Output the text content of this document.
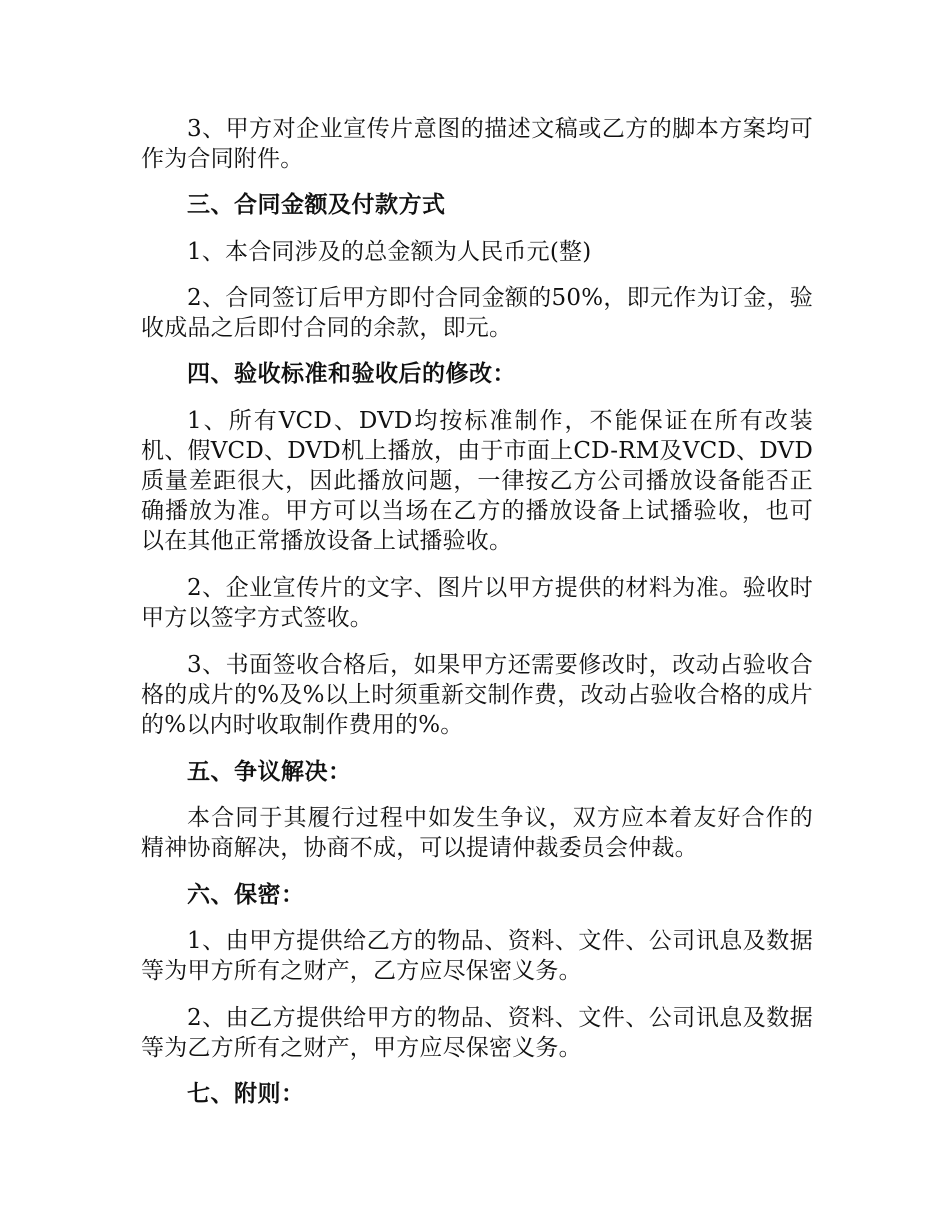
3、甲方对企业宣传片意图的描述文稿或乙方的脚本方案均可作为合同附件。

三、合同金额及付款方式

1、本合同涉及的总金额为人民币元(整)

2、合同签订后甲方即付合同金额的50%，即元作为订金，验收成品之后即付合同的余款，即元。

四、验收标准和验收后的修改：

1、所有VCD、DVD均按标准制作，不能保证在所有改装机、假VCD、DVD机上播放，由于市面上CD-RM及VCD、DVD质量差距很大，因此播放问题，一律按乙方公司播放设备能否正确播放为准。甲方可以当场在乙方的播放设备上试播验收，也可以在其他正常播放设备上试播验收。

2、企业宣传片的文字、图片以甲方提供的材料为准。验收时甲方以签字方式签收。

3、书面签收合格后，如果甲方还需要修改时，改动占验收合格的成片的%及%以上时须重新交制作费，改动占验收合格的成片的%以内时收取制作费用的%。

五、争议解决：

本合同于其履行过程中如发生争议，双方应本着友好合作的精神协商解决，协商不成，可以提请仲裁委员会仲裁。

六、保密：

1、由甲方提供给乙方的物品、资料、文件、公司讯息及数据等为甲方所有之财产，乙方应尽保密义务。

2、由乙方提供给甲方的物品、资料、文件、公司讯息及数据等为乙方所有之财产，甲方应尽保密义务。

七、附则：
